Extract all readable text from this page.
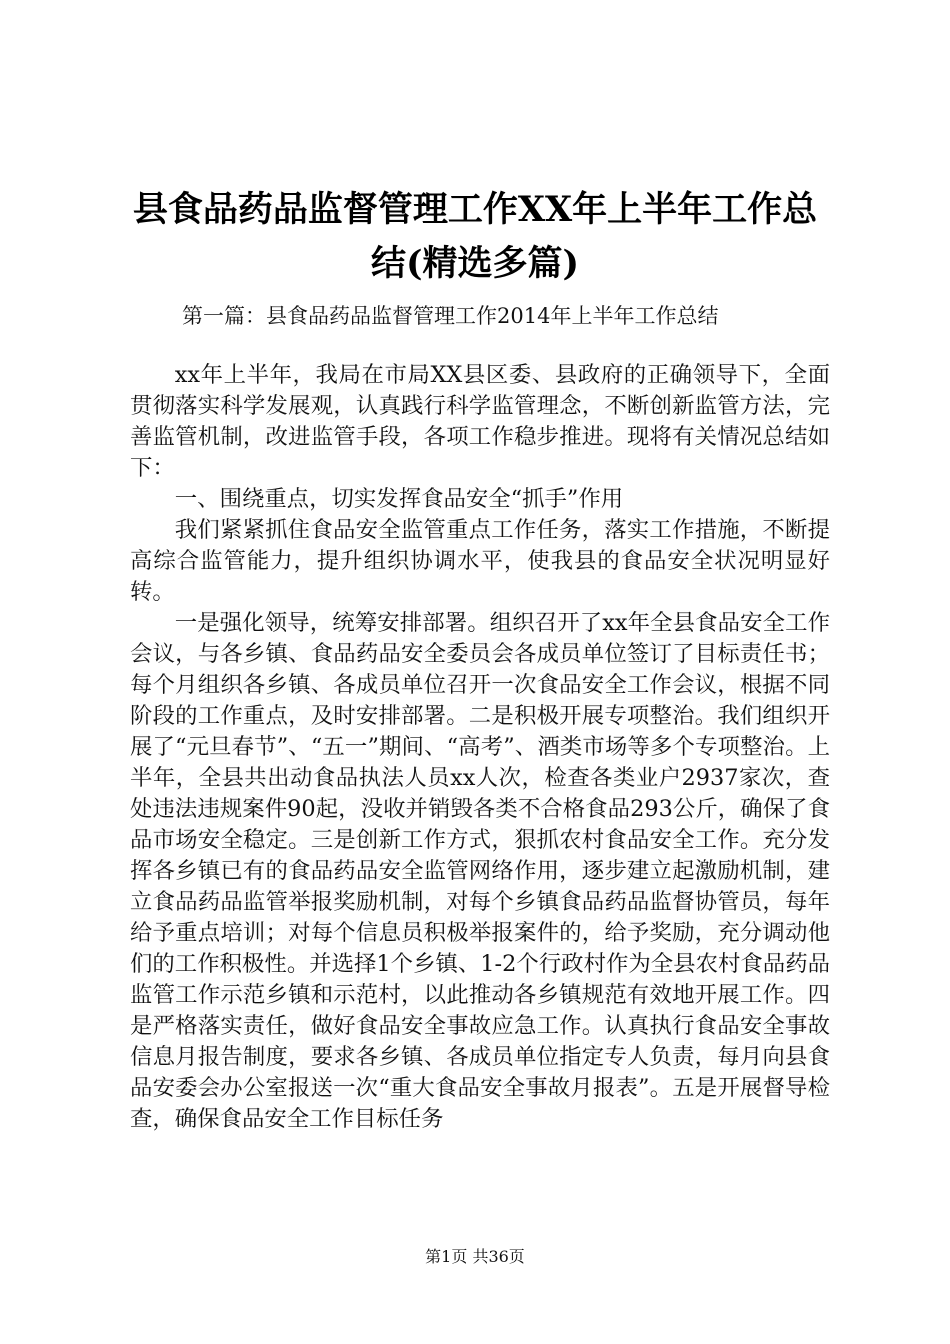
县食品药品监督管理工作XX年上半年工作总
结(精选多篇)
第一篇：县食品药品监督管理工作2014年上半年工作总结

xx年上半年，我局在市局XX县区委、县政府的正确领导下，全面贯彻落实科学发展观，认真践行科学监管理念，不断创新监管方法，完善监管机制，改进监管手段，各项工作稳步推进。现将有关情况总结如下：

一、围绕重点，切实发挥食品安全“抓手”作用

我们紧紧抓住食品安全监管重点工作任务，落实工作措施，不断提高综合监管能力，提升组织协调水平，使我县的食品安全状况明显好转。

一是强化领导，统筹安排部署。组织召开了xx年全县食品安全工作会议，与各乡镇、食品药品安全委员会各成员单位签订了目标责任书；每个月组织各乡镇、各成员单位召开一次食品安全工作会议，根据不同阶段的工作重点，及时安排部署。二是积极开展专项整治。我们组织开展了“元旦春节”、“五一”期间、“高考”、酒类市场等多个专项整治。上半年，全县共出动食品执法人员xx人次，检查各类业户2937家次，查处违法违规案件90起，没收并销毁各类不合格食品293公斤，确保了食品市场安全稳定。三是创新工作方式，狠抓农村食品安全工作。充分发挥各乡镇已有的食品药品安全监管网络作用，逐步建立起激励机制，建立食品药品监管举报奖励机制，对每个乡镇食品药品监督协管员，每年给予重点培训；对每个信息员积极举报案件的，给予奖励，充分调动他们的工作积极性。并选择1个乡镇、1-2个行政村作为全县农村食品药品监管工作示范乡镇和示范村，以此推动各乡镇规范有效地开展工作。四是严格落实责任，做好食品安全事故应急工作。认真执行食品安全事故信息月报告制度，要求各乡镇、各成员单位指定专人负责，每月向县食品安委会办公室报送一次“重大食品安全事故月报表”。五是开展督导检查，确保食品安全工作目标任务

第1页 共36页
